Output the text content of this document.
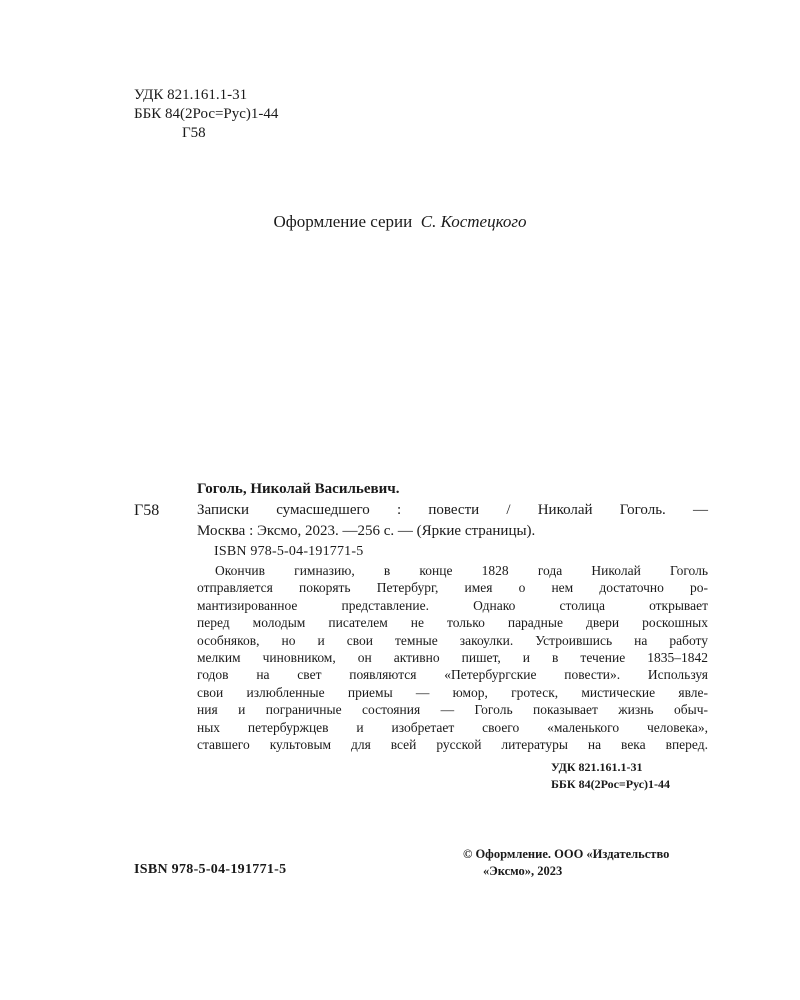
УДК 821.161.1-31
ББК 84(2Рос=Рус)1-44
Г58
Оформление серии С. Костецкого
Гоголь, Николай Васильевич.
Г58	Записки сумасшедшего : повести / Николай Гоголь. —
Москва : Эксмо, 2023. —256 с. — (Яркие страницы).
ISBN 978-5-04-191771-5
Окончив гимназию, в конце 1828 года Николай Гоголь
отправляется покорять Петербург, имея о нем достаточно ро-
мантизированное представление. Однако столица открывает
перед молодым писателем не только парадные двери роскошных
особняков, но и свои темные закоулки. Устроившись на работу
мелким чиновником, он активно пишет, и в течение 1835–1842
годов на свет появляются «Петербургские повести». Используя
свои излюбленные приемы — юмор, гротеск, мистические явле-
ния и пограничные состояния — Гоголь показывает жизнь обыч-
ных петербуржцев и изобретает своего «маленького человека»,
ставшего культовым для всей русской литературы на века вперед.
УДК 821.161.1-31
ББК 84(2Рос=Рус)1-44
© Оформление. ООО «Издательство
«Эксмо», 2023
ISBN 978-5-04-191771-5
